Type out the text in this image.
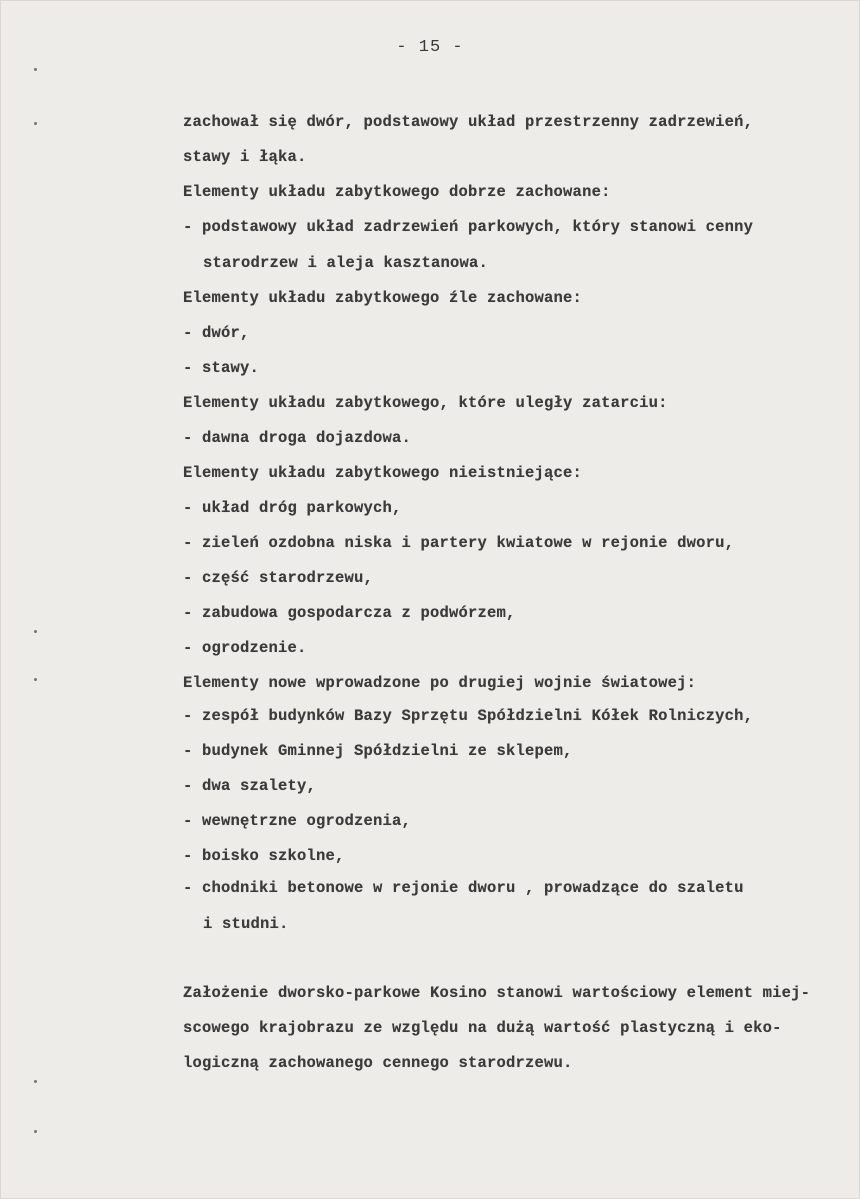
- 15 -
zachował się dwór, podstawowy układ przestrzenny zadrzewień,
stawy i łąka.
Elementy układu zabytkowego dobrze zachowane:
- podstawowy układ zadrzewień parkowych, który stanowi cenny
starodrzew i aleja kasztanowa.
Elementy układu zabytkowego źle zachowane:
- dwór,
- stawy.
Elementy układu zabytkowego, które uległy zatarciu:
- dawna droga dojazdowa.
Elementy układu zabytkowego nieistniejące:
- układ dróg parkowych,
- zieleń ozdobna niska i partery kwiatowe w rejonie dworu,
- część starodrzewu,
- zabudowa gospodarcza z podwórzem,
- ogrodzenie.
Elementy nowe wprowadzone po drugiej wojnie światowej:
- zespół budynków Bazy Sprzętu Spółdzielni Kółek Rolniczych,
- budynek Gminnej Spółdzielni ze sklepem,
- dwa szalety,
- wewnętrzne ogrodzenia,
- boisko szkolne,
- chodniki betonowe w rejonie dworu , prowadzące do szaletu
i studni.
Założenie dworsko-parkowe Kosino stanowi wartościowy element miej-
scowego krajobrazu ze względu na dużą wartość plastyczną i eko-
logiczną zachowanego cennego starodrzewu.
